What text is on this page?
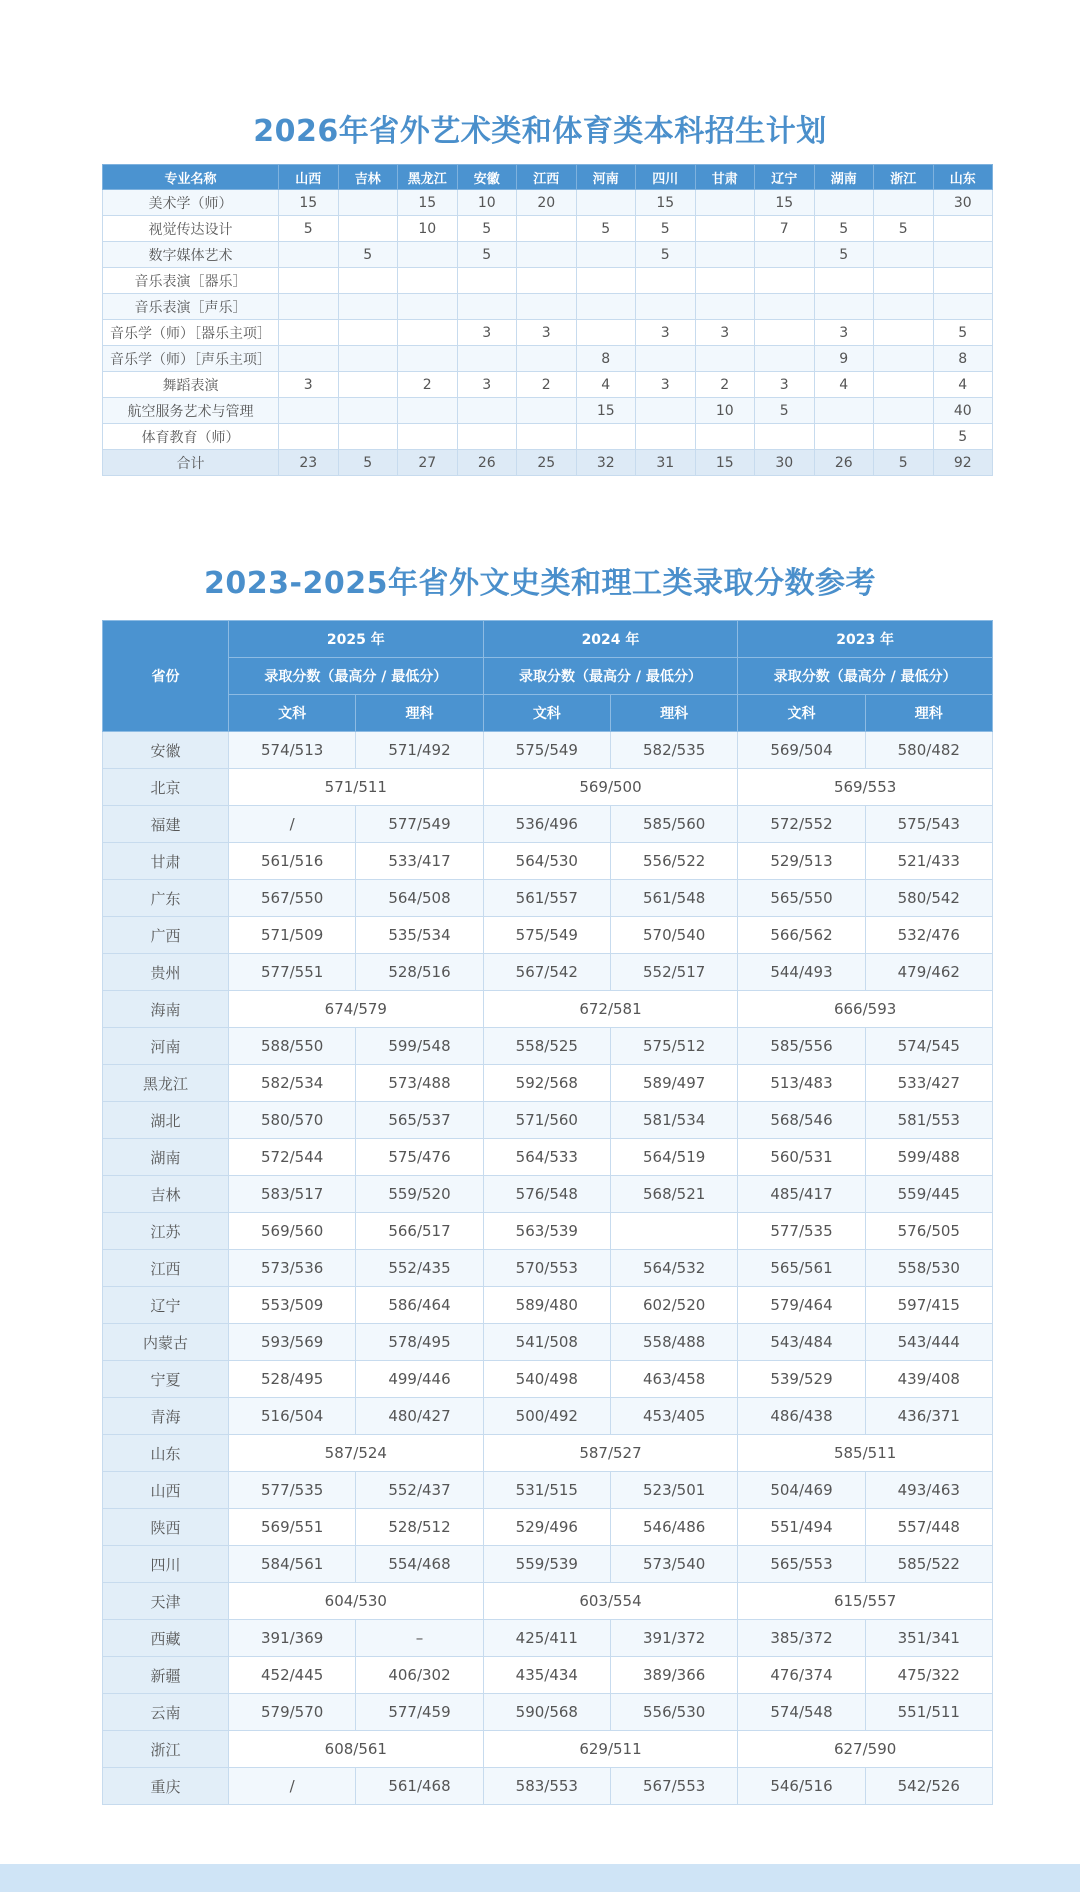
2026年省外艺术类和体育类本科招生计划
专业名称	山西	吉林	黑龙江	安徽	江西	河南	四川	甘肃	辽宁	湖南	浙江	山东
美术学（师）	15		15	10	20		15		15			30
视觉传达设计	5		10	5		5	5		7	5	5	
数字媒体艺术		5		5			5			5		
音乐表演［器乐］												
音乐表演［声乐］												
音乐学（师）［器乐主项］				3	3		3	3		3		5
音乐学（师）［声乐主项］						8				9		8
舞蹈表演	3		2	3	2	4	3	2	3	4		4
航空服务艺术与管理						15		10	5			40
体育教育（师）												5
合计	23	5	27	26	25	32	31	15	30	26	5	92
2023-2025年省外文史类和理工类录取分数参考
省份	2025 年		2024 年		2023 年	
	录取分数（最高分 / 最低分）		录取分数（最高分 / 最低分）		录取分数（最高分 / 最低分）	
	文科	理科	文科	理科	文科	理科
安徽	574/513	571/492	575/549	582/535	569/504	580/482
北京	571/511		569/500		569/553	
福建	/	577/549	536/496	585/560	572/552	575/543
甘肃	561/516	533/417	564/530	556/522	529/513	521/433
广东	567/550	564/508	561/557	561/548	565/550	580/542
广西	571/509	535/534	575/549	570/540	566/562	532/476
贵州	577/551	528/516	567/542	552/517	544/493	479/462
海南	674/579		672/581		666/593	
河南	588/550	599/548	558/525	575/512	585/556	574/545
黑龙江	582/534	573/488	592/568	589/497	513/483	533/427
湖北	580/570	565/537	571/560	581/534	568/546	581/553
湖南	572/544	575/476	564/533	564/519	560/531	599/488
吉林	583/517	559/520	576/548	568/521	485/417	559/445
江苏	569/560	566/517	563/539		577/535	576/505
江西	573/536	552/435	570/553	564/532	565/561	558/530
辽宁	553/509	586/464	589/480	602/520	579/464	597/415
内蒙古	593/569	578/495	541/508	558/488	543/484	543/444
宁夏	528/495	499/446	540/498	463/458	539/529	439/408
青海	516/504	480/427	500/492	453/405	486/438	436/371
山东	587/524		587/527		585/511	
山西	577/535	552/437	531/515	523/501	504/469	493/463
陕西	569/551	528/512	529/496	546/486	551/494	557/448
四川	584/561	554/468	559/539	573/540	565/553	585/522
天津	604/530		603/554		615/557	
西藏	391/369	–	425/411	391/372	385/372	351/341
新疆	452/445	406/302	435/434	389/366	476/374	475/322
云南	579/570	577/459	590/568	556/530	574/548	551/511
浙江	608/561		629/511		627/590	
重庆	/	561/468	583/553	567/553	546/516	542/526
